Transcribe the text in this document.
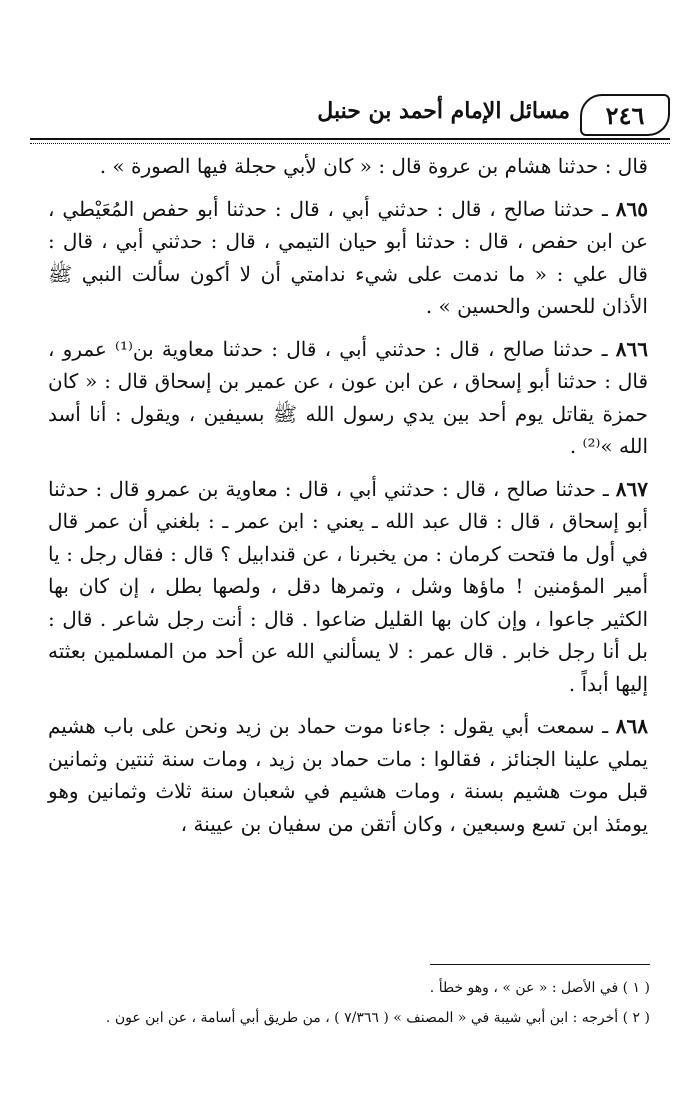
٢٤٦
مسائل الإمام أحمد بن حنبل

قال : حدثنا هشام بن عروة قال : « كان لأبي حجلة فيها الصورة » .

٨٦٥ ـ حدثنا صالح ، قال : حدثني أبي ، قال : حدثنا أبو حفص المُعَيْطي ، عن ابن حفص ، قال : حدثنا أبو حيان التيمي ، قال : حدثني أبي ، قال : قال علي : « ما ندمت على شيء ندامتي أن لا أكون سألت النبي ﷺ الأذان للحسن والحسين » .

٨٦٦ ـ حدثنا صالح ، قال : حدثني أبي ، قال : حدثنا معاوية بن⁽¹⁾ عمرو ، قال : حدثنا أبو إسحاق ، عن ابن عون ، عن عمير بن إسحاق قال : « كان حمزة يقاتل يوم أحد بين يدي رسول الله ﷺ بسيفين ، ويقول : أنا أسد الله »⁽²⁾ .

٨٦٧ ـ حدثنا صالح ، قال : حدثني أبي ، قال : معاوية بن عمرو قال : حدثنا أبو إسحاق ، قال : قال عبد الله ـ يعني : ابن عمر ـ : بلغني أن عمر قال في أول ما فتحت كرمان : من يخبرنا ، عن قندابيل ؟ قال : فقال رجل : يا أمير المؤمنين ! ماؤها وشل ، وتمرها دقل ، ولصها بطل ، إن كان بها الكثير جاعوا ، وإن كان بها القليل ضاعوا . قال : أنت رجل شاعر . قال : بل أنا رجل خابر . قال عمر : لا يسألني الله عن أحد من المسلمين بعثته إليها أبداً .

٨٦٨ ـ سمعت أبي يقول : جاءنا موت حماد بن زيد ونحن على باب هشيم يملي علينا الجنائز ، فقالوا : مات حماد بن زيد ، ومات سنة ثنتين وثمانين قبل موت هشيم بسنة ، ومات هشيم في شعبان سنة ثلاث وثمانين وهو يومئذ ابن تسع وسبعين ، وكان أتقن من سفيان بن عيينة ،

( ١ ) في الأصل : « عن » ، وهو خطأ .

( ٢ ) أخرجه : ابن أبي شيبة في « المصنف » ( ٧/٣٦٦ ) ، من طريق أبي أسامة ، عن ابن عون .
